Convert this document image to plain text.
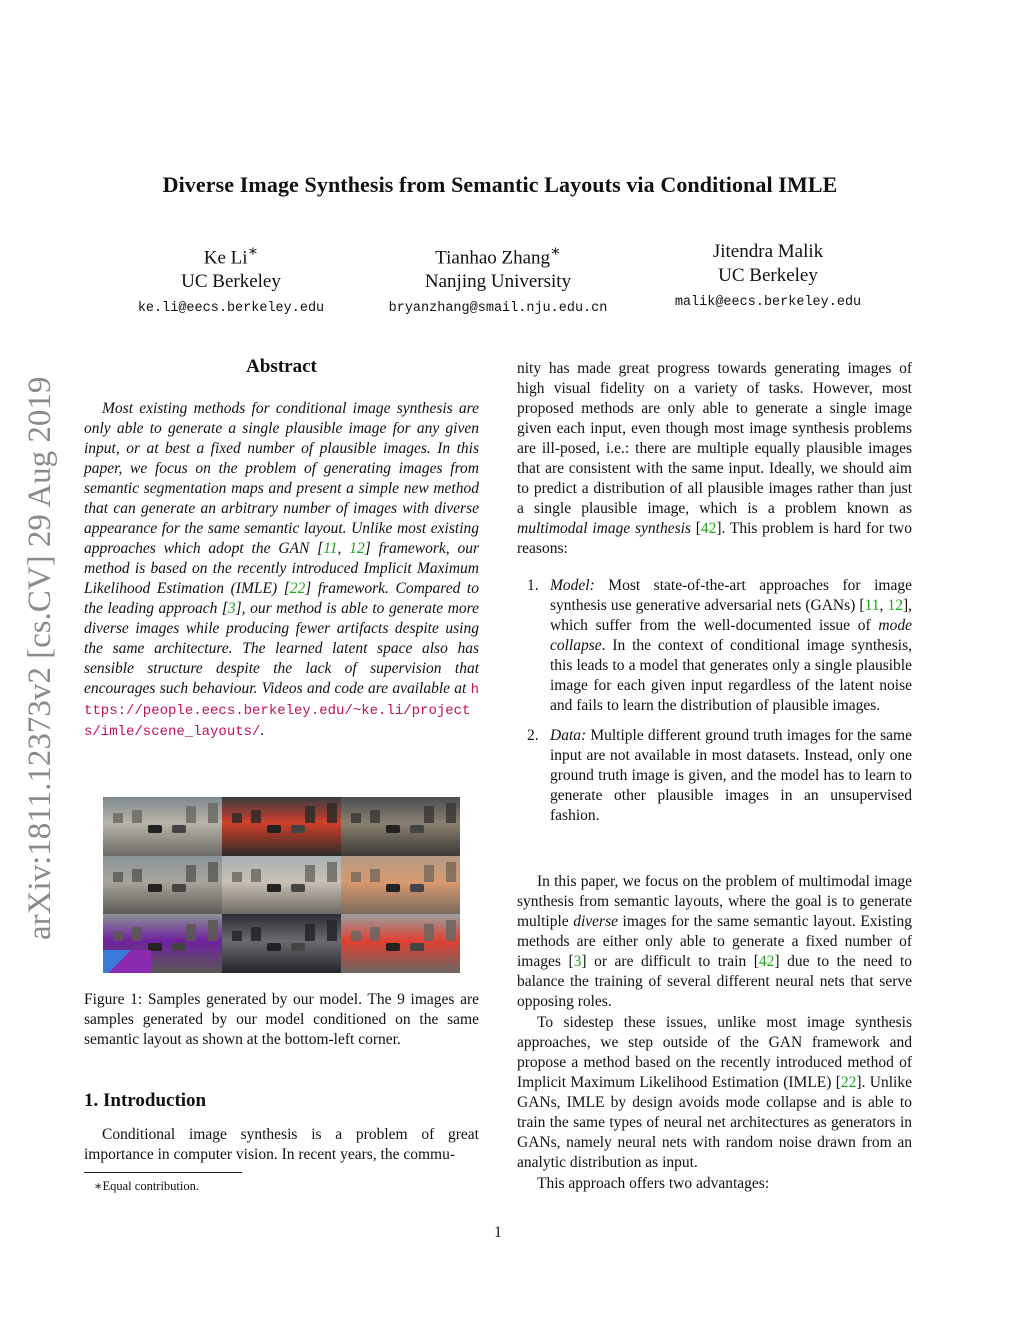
Diverse Image Synthesis from Semantic Layouts via Conditional IMLE
Ke Li∗
UC Berkeley
ke.li@eecs.berkeley.edu
Tianhao Zhang∗
Nanjing University
bryanzhang@smail.nju.edu.cn
Jitendra Malik
UC Berkeley
malik@eecs.berkeley.edu
arXiv:1811.12373v2 [cs.CV] 29 Aug 2019
Abstract
Most existing methods for conditional image synthesis are only able to generate a single plausible image for any given input, or at best a fixed number of plausible images. In this paper, we focus on the problem of generating images from semantic segmentation maps and present a simple new method that can generate an arbitrary number of images with diverse appearance for the same semantic layout. Unlike most existing approaches which adopt the GAN [11, 12] framework, our method is based on the recently introduced Implicit Maximum Likelihood Estimation (IMLE) [22] framework. Compared to the leading approach [3], our method is able to generate more diverse images while producing fewer artifacts despite using the same architecture. The learned latent space also has sensible structure despite the lack of supervision that encourages such behaviour. Videos and code are available at https://people.eecs.berkeley.edu/~ke.li/projects/imle/scene_layouts/.
Figure 1: Samples generated by our model. The 9 images are samples generated by our model conditioned on the same semantic layout as shown at the bottom-left corner.
1. Introduction
Conditional image synthesis is a problem of great importance in computer vision. In recent years, the commu-
∗Equal contribution.
nity has made great progress towards generating images of high visual fidelity on a variety of tasks. However, most proposed methods are only able to generate a single image given each input, even though most image synthesis problems are ill-posed, i.e.: there are multiple equally plausible images that are consistent with the same input. Ideally, we should aim to predict a distribution of all plausible images rather than just a single plausible image, which is a problem known as multimodal image synthesis [42]. This problem is hard for two reasons:
1. Model: Most state-of-the-art approaches for image synthesis use generative adversarial nets (GANs) [11, 12], which suffer from the well-documented issue of mode collapse. In the context of conditional image synthesis, this leads to a model that generates only a single plausible image for each given input regardless of the latent noise and fails to learn the distribution of plausible images.
2. Data: Multiple different ground truth images for the same input are not available in most datasets. Instead, only one ground truth image is given, and the model has to learn to generate other plausible images in an unsupervised fashion.
In this paper, we focus on the problem of multimodal image synthesis from semantic layouts, where the goal is to generate multiple diverse images for the same semantic layout. Existing methods are either only able to generate a fixed number of images [3] or are difficult to train [42] due to the need to balance the training of several different neural nets that serve opposing roles.
To sidestep these issues, unlike most image synthesis approaches, we step outside of the GAN framework and propose a method based on the recently introduced method of Implicit Maximum Likelihood Estimation (IMLE) [22]. Unlike GANs, IMLE by design avoids mode collapse and is able to train the same types of neural net architectures as generators in GANs, namely neural nets with random noise drawn from an analytic distribution as input.
This approach offers two advantages:
1
